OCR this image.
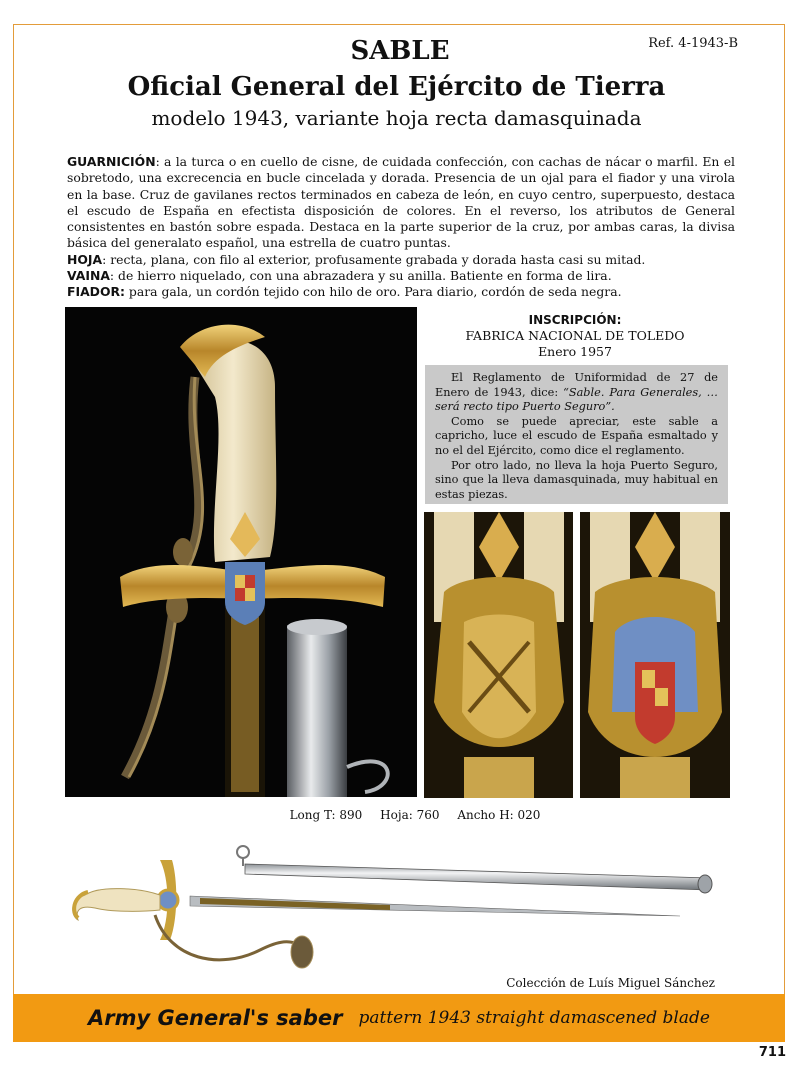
Ref. 4-1943-B
SABLE
Oficial General del Ejército de Tierra
modelo 1943, variante hoja recta damasquinada

GUARNICIÓN: a la turca o en cuello de cisne, de cuidada confección, con cachas de nácar o marfil. En el sobretodo, una excrecencia en bucle cincelada y dorada. Presencia de un ojal para el fiador y una virola en la base. Cruz de gavilanes rectos terminados en cabeza de león, en cuyo centro, superpuesto, destaca el escudo de España en efectista disposición de colores. En el reverso, los atributos de General consistentes en bastón sobre espada. Destaca en la parte superior de la cruz, por ambas caras, la divisa básica del generalato español, una estrella de cuatro puntas.

HOJA: recta, plana, con filo al exterior, profusamente grabada y dorada hasta casi su mitad.

VAINA: de hierro niquelado, con una abrazadera y su anilla. Batiente en forma de lira.

FIADOR: para gala, un cordón tejido con hilo de oro. Para diario, cordón de seda negra.

INSCRIPCIÓN:
FABRICA NACIONAL DE TOLEDO
Enero 1957

El Reglamento de Uniformidad de 27 de Enero de 1943, dice: “Sable. Para Generales, …será recto tipo Puerto Seguro”.

Como se puede apreciar, este sable a capricho, luce el escudo de España esmaltado y no el del Ejército, como dice el reglamento.

Por otro lado, no lleva la hoja Puerto Seguro, sino que la lleva damasquinada, muy habitual en estas piezas.

Long T: 890 Hoja: 760 Ancho H: 020
Colección de Luís Miguel Sánchez
Army General's saber pattern 1943 straight damascened blade
711
